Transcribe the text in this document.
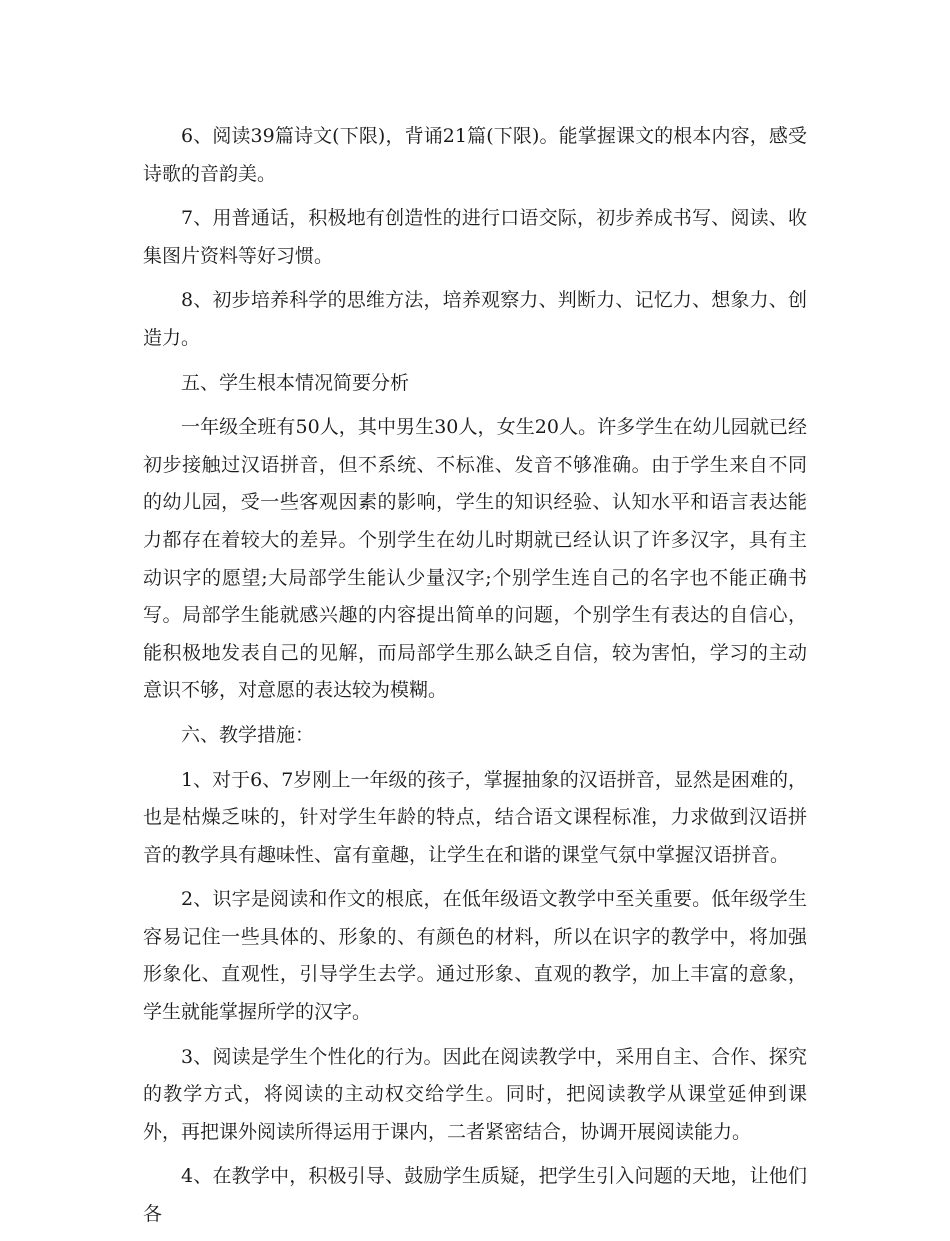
6、阅读39篇诗文(下限)，背诵21篇(下限)。能掌握课文的根本内容，感受诗歌的音韵美。

7、用普通话，积极地有创造性的进行口语交际，初步养成书写、阅读、收集图片资料等好习惯。

8、初步培养科学的思维方法，培养观察力、判断力、记忆力、想象力、创造力。

五、学生根本情况简要分析

一年级全班有50人，其中男生30人，女生20人。许多学生在幼儿园就已经初步接触过汉语拼音，但不系统、不标准、发音不够准确。由于学生来自不同的幼儿园，受一些客观因素的影响，学生的知识经验、认知水平和语言表达能力都存在着较大的差异。个别学生在幼儿时期就已经认识了许多汉字，具有主动识字的愿望;大局部学生能认少量汉字;个别学生连自己的名字也不能正确书写。局部学生能就感兴趣的内容提出简单的问题，个别学生有表达的自信心，能积极地发表自己的见解，而局部学生那么缺乏自信，较为害怕，学习的主动意识不够，对意愿的表达较为模糊。

六、教学措施：

1、对于6、7岁刚上一年级的孩子，掌握抽象的汉语拼音，显然是困难的，也是枯燥乏味的，针对学生年龄的特点，结合语文课程标准，力求做到汉语拼音的教学具有趣味性、富有童趣，让学生在和谐的课堂气氛中掌握汉语拼音。

2、识字是阅读和作文的根底，在低年级语文教学中至关重要。低年级学生容易记住一些具体的、形象的、有颜色的材料，所以在识字的教学中，将加强形象化、直观性，引导学生去学。通过形象、直观的教学，加上丰富的意象，学生就能掌握所学的汉字。

3、阅读是学生个性化的行为。因此在阅读教学中，采用自主、合作、探究的教学方式，将阅读的主动权交给学生。同时，把阅读教学从课堂延伸到课外，再把课外阅读所得运用于课内，二者紧密结合，协调开展阅读能力。

4、在教学中，积极引导、鼓励学生质疑，把学生引入问题的天地，让他们各
